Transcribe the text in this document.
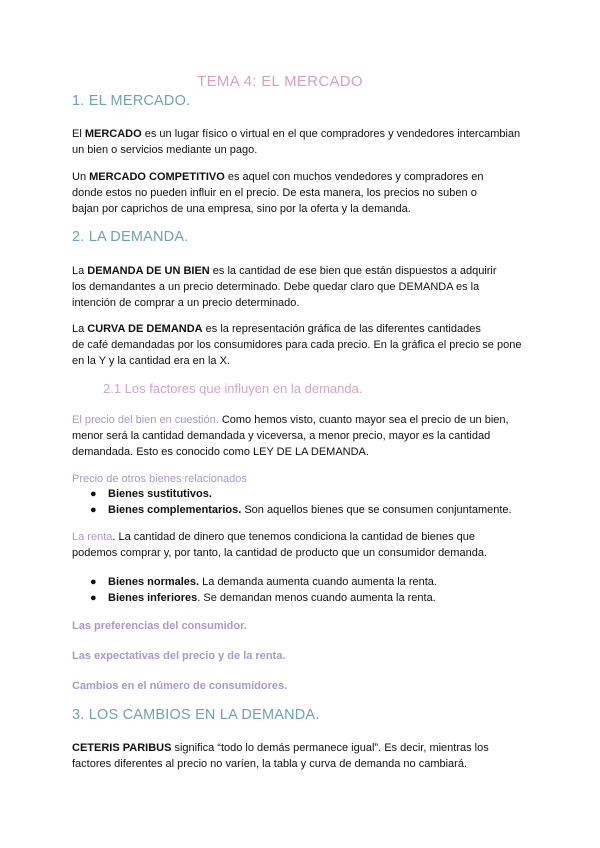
TEMA 4: EL MERCADO
1. EL MERCADO.
El MERCADO es un lugar físico o virtual en el que compradores y vendedores intercambian
un bien o servicios mediante un pago.
Un MERCADO COMPETITIVO es aquel con muchos vendedores y compradores en
donde estos no pueden influir en el precio. De esta manera, los precios no suben o
bajan por caprichos de una empresa, sino por la oferta y la demanda.
2. LA DEMANDA.
La DEMANDA DE UN BIEN es la cantidad de ese bien que están dispuestos a adquirir
los demandantes a un precio determinado. Debe quedar claro que DEMANDA es la
intención de comprar a un precio determinado.
La CURVA DE DEMANDA es la representación gráfica de las diferentes cantidades
de café demandadas por los consumidores para cada precio. En la gráfica el precio se pone
en la Y y la cantidad era en la X.
2.1 Los factores que influyen en la demanda.
El precio del bien en cuestión. Como hemos visto, cuanto mayor sea el precio de un bien,
menor será la cantidad demandada y viceversa, a menor precio, mayor es la cantidad
demandada. Esto es conocido como LEY DE LA DEMANDA.
Precio de otros bienes relacionados
● Bienes sustitutivos.
● Bienes complementarios. Son aquellos bienes que se consumen conjuntamente.
La renta. La cantidad de dinero que tenemos condiciona la cantidad de bienes que
podemos comprar y, por tanto, la cantidad de producto que un consumidor demanda.
● Bienes normales. La demanda aumenta cuando aumenta la renta.
● Bienes inferiores. Se demandan menos cuando aumenta la renta.
Las preferencias del consumidor.
Las expectativas del precio y de la renta.
Cambios en el número de consumidores.
3. LOS CAMBIOS EN LA DEMANDA.
CETERIS PARIBUS significa “todo lo demás permanece igual”. Es decir, mientras los
factores diferentes al precio no varíen, la tabla y curva de demanda no cambiará.
